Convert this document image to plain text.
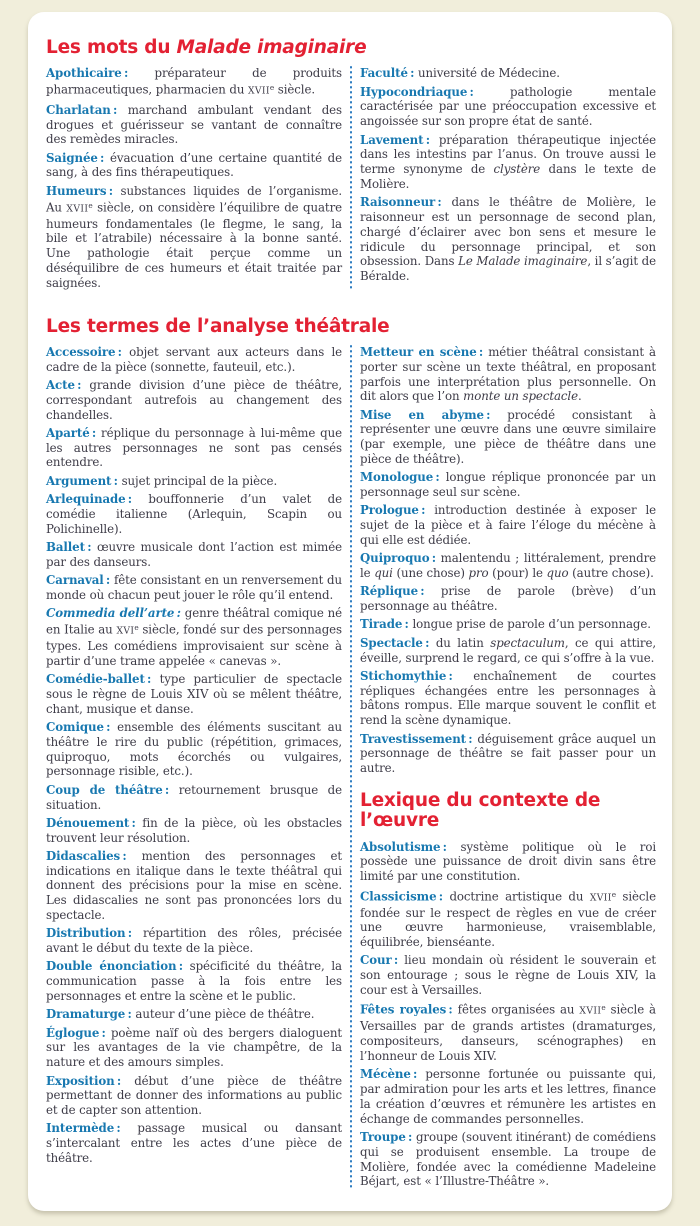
Les mots du Malade imaginaire

Apothicaire : préparateur de produits pharmaceutiques, pharmacien du XVIIe siècle.

Charlatan : marchand ambulant vendant des drogues et guérisseur se vantant de connaître des remèdes miracles.

Saignée : évacuation d’une certaine quantité de sang, à des fins thérapeutiques.

Humeurs : substances liquides de l’organisme. Au XVIIe siècle, on considère l’équilibre de quatre humeurs fondamentales (le flegme, le sang, la bile et l’atrabile) nécessaire à la bonne santé. Une pathologie était perçue comme un déséquilibre de ces humeurs et était traitée par saignées.

Faculté : université de Médecine.

Hypocondriaque :	pathologie mentale caractérisée par une préoccupation excessive et angoissée sur son propre état de santé.

Lavement : préparation thérapeutique injectée dans les intestins par l’anus. On trouve aussi le terme synonyme de clystère dans le texte de Molière.

Raisonneur : dans le théâtre de Molière, le raisonneur est un personnage de second plan, chargé d’éclairer avec bon sens et mesure le ridicule du personnage principal, et son obsession. Dans Le Malade imaginaire, il s’agit de Béralde.

Les termes de l’analyse théâtrale

Accessoire : objet servant aux acteurs dans le cadre de la pièce (sonnette, fauteuil, etc.).

Acte : grande division d’une pièce de théâtre, correspondant autrefois au changement des chandelles.

Aparté : réplique du personnage à lui-même que les autres personnages ne sont pas censés entendre.

Argument : sujet principal de la pièce.

Arlequinade : bouffonnerie d’un valet de comédie italienne (Arlequin, Scapin ou Polichinelle).

Ballet : œuvre musicale dont l’action est mimée par des danseurs.

Carnaval : fête consistant en un renversement du monde où chacun peut jouer le rôle qu’il entend.

Commedia dell’arte : genre théâtral comique né en Italie au XVIe siècle, fondé sur des personnages types. Les comédiens improvisaient sur scène à partir d’une trame appelée « canevas ».

Comédie-ballet : type particulier de spectacle sous le règne de Louis XIV où se mêlent théâtre, chant, musique et danse.

Comique : ensemble des éléments suscitant au théâtre le rire du public (répétition, grimaces, quiproquo, mots écorchés ou vulgaires, personnage risible, etc.).

Coup de théâtre : retournement brusque de situation.

Dénouement : fin de la pièce, où les obstacles trouvent leur résolution.

Didascalies : mention des personnages et indications en italique dans le texte théâtral qui donnent des précisions pour la mise en scène. Les didascalies ne sont pas prononcées lors du spectacle.

Distribution : répartition des rôles, précisée avant le début du texte de la pièce.

Double énonciation : spécificité du théâtre, la communication passe à la fois entre les personnages et entre la scène et le public.

Dramaturge : auteur d’une pièce de théâtre.

Églogue : poème naïf où des bergers dialoguent sur les avantages de la vie champêtre, de la nature et des amours simples.

Exposition : début d’une pièce de théâtre permettant de donner des informations au public et de capter son attention.

Intermède : passage musical ou dansant s’intercalant entre les actes d’une pièce de théâtre.

Metteur en scène : métier théâtral consistant à porter sur scène un texte théâtral, en proposant parfois une interprétation plus personnelle. On dit alors que l’on monte un spectacle.

Mise en abyme : procédé consistant à représenter une œuvre dans une œuvre similaire (par exemple, une pièce de théâtre dans une pièce de théâtre).

Monologue : longue réplique prononcée par un personnage seul sur scène.

Prologue : introduction destinée à exposer le sujet de la pièce et à faire l’éloge du mécène à qui elle est dédiée.

Quiproquo : malentendu ; littéralement, prendre le qui (une chose) pro (pour) le quo (autre chose).

Réplique : prise de parole (brève) d’un personnage au théâtre.

Tirade : longue prise de parole d’un personnage.

Spectacle : du latin spectaculum, ce qui attire, éveille, surprend le regard, ce qui s’offre à la vue.

Stichomythie : enchaînement de courtes répliques échangées entre les personnages à bâtons rompus. Elle marque souvent le conflit et rend la scène dynamique.

Travestissement : déguisement grâce auquel un personnage de théâtre se fait passer pour un autre.

Lexique du contexte de l’œuvre

Absolutisme : système politique où le roi possède une puissance de droit divin sans être limité par une constitution.

Classicisme : doctrine artistique du XVIIe siècle fondée sur le respect de règles en vue de créer une œuvre harmonieuse, vraisemblable, équilibrée, bienséante.

Cour : lieu mondain où résident le souverain et son entourage ; sous le règne de Louis XIV, la cour est à Versailles.

Fêtes royales : fêtes organisées au XVIIe siècle à Versailles par de grands artistes (dramaturges, compositeurs, danseurs, scénographes) en l’honneur de Louis XIV.

Mécène : personne fortunée ou puissante qui, par admiration pour les arts et les lettres, finance la création d’œuvres et rémunère les artistes en échange de commandes personnelles.

Troupe : groupe (souvent itinérant) de comédiens qui se produisent ensemble. La troupe de Molière, fondée avec la comédienne Madeleine Béjart, est « l’Illustre-Théâtre ».
